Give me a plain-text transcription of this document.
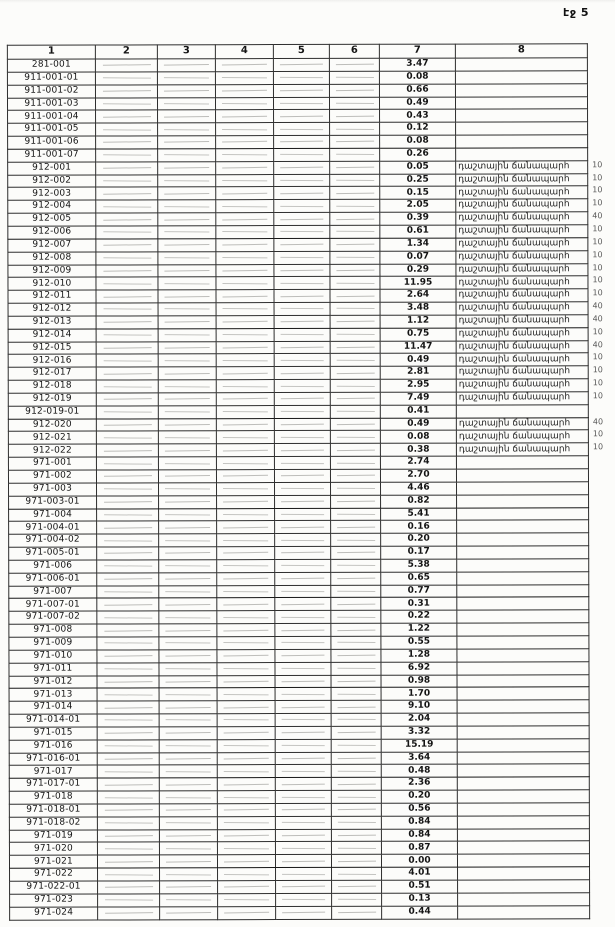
էջ 5
1	2	3	4	5	6	7	8
281-001						3.47	
911-001-01						0.08	
911-001-02						0.66	
911-001-03						0.49	
911-001-04						0.43	
911-001-05						0.12	
911-001-06						0.08	
911-001-07						0.26	
912-001						0.05	դաշտային ճանապարհ 10

912-002						0.25	դաշտային ճանապարհ 10

912-003						0.15	դաշտային ճանապարհ 10

912-004						2.05	դաշտային ճանապարհ 10

912-005						0.39	դաշտային ճանապարհ 40

912-006						0.61	դաշտային ճանապարհ 10

912-007						1.34	դաշտային ճանապարհ 10

912-008						0.07	դաշտային ճանապարհ 10

912-009						0.29	դաշտային ճանապարհ 10

912-010						11.95	դաշտային ճանապարհ 10

912-011						2.64	դաշտային ճանապարհ 10

912-012						3.48	դաշտային ճանապարհ 40

912-013						1.12	դաշտային ճանապարհ 40

912-014						0.75	դաշտային ճանապարհ 10

912-015						11.47	դաշտային ճանապարհ 40

912-016						0.49	դաշտային ճանապարհ 10

912-017						2.81	դաշտային ճանապարհ 10

912-018						2.95	դաշտային ճանապարհ 10

912-019						7.49	դաշտային ճանապարհ 10

912-019-01						0.41	
912-020						0.49	դաշտային ճանապարհ 40

912-021						0.08	դաշտային ճանապարհ 10

912-022						0.38	դաշտային ճանապարհ 10

971-001						2.74	
971-002						2.70	
971-003						4.46	
971-003-01						0.82	
971-004						5.41	
971-004-01						0.16	
971-004-02						0.20	
971-005-01						0.17	
971-006						5.38	
971-006-01						0.65	
971-007						0.77	
971-007-01						0.31	
971-007-02						0.22	
971-008						1.22	
971-009						0.55	
971-010						1.28	
971-011						6.92	
971-012						0.98	
971-013						1.70	
971-014						9.10	
971-014-01						2.04	
971-015						3.32	
971-016						15.19	
971-016-01						3.64	
971-017						0.48	
971-017-01						2.36	
971-018						0.20	
971-018-01						0.56	
971-018-02						0.84	
971-019						0.84	
971-020						0.87	
971-021						0.00	
971-022						4.01	
971-022-01						0.51	
971-023						0.13	
971-024						0.44	
